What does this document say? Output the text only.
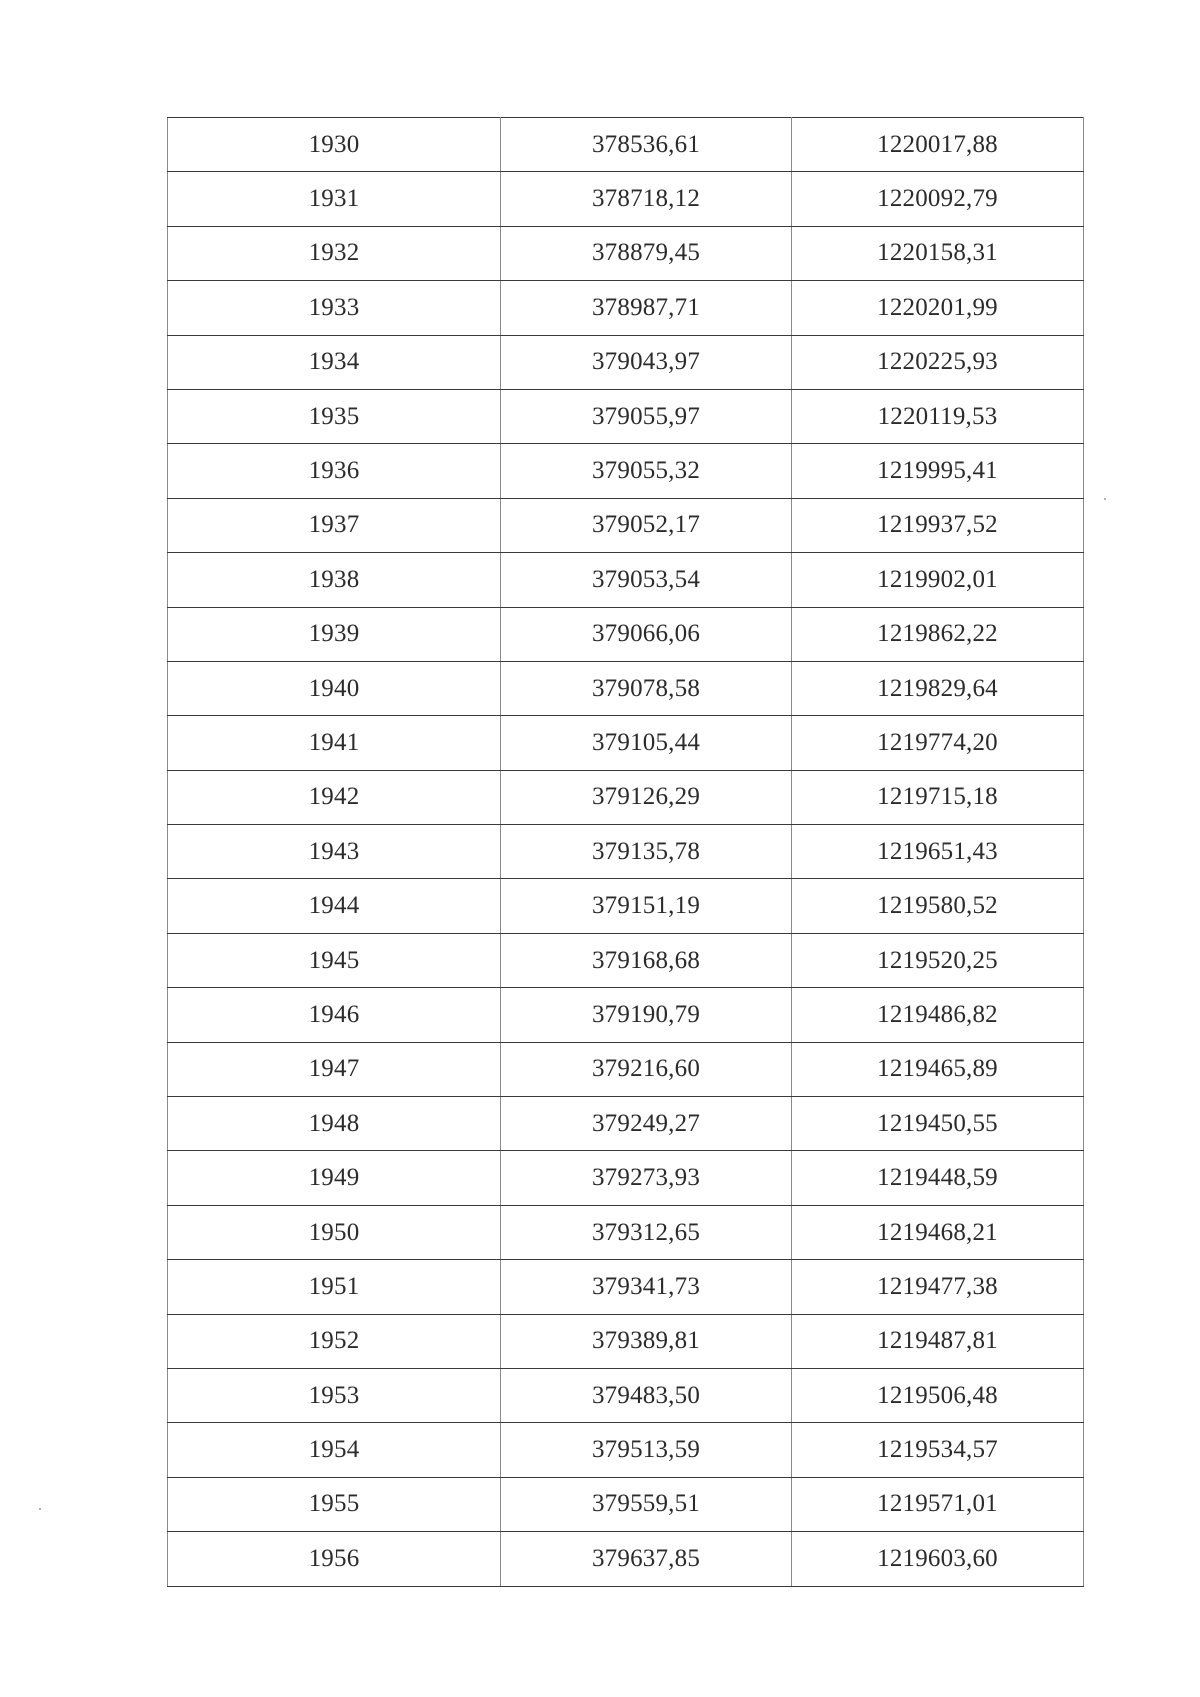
1930	378536,61	1220017,88
1931	378718,12	1220092,79
1932	378879,45	1220158,31
1933	378987,71	1220201,99
1934	379043,97	1220225,93
1935	379055,97	1220119,53
1936	379055,32	1219995,41
1937	379052,17	1219937,52
1938	379053,54	1219902,01
1939	379066,06	1219862,22
1940	379078,58	1219829,64
1941	379105,44	1219774,20
1942	379126,29	1219715,18
1943	379135,78	1219651,43
1944	379151,19	1219580,52
1945	379168,68	1219520,25
1946	379190,79	1219486,82
1947	379216,60	1219465,89
1948	379249,27	1219450,55
1949	379273,93	1219448,59
1950	379312,65	1219468,21
1951	379341,73	1219477,38
1952	379389,81	1219487,81
1953	379483,50	1219506,48
1954	379513,59	1219534,57
1955	379559,51	1219571,01
1956	379637,85	1219603,60
